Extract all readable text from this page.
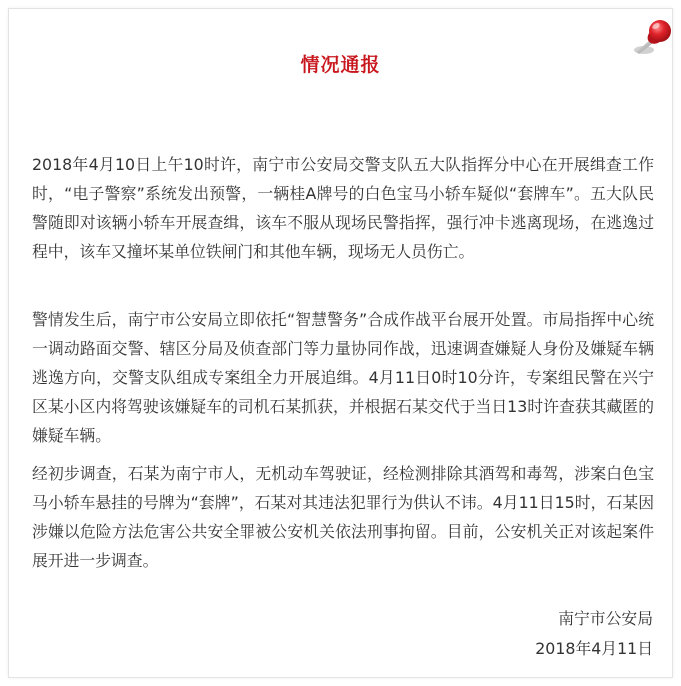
情况通报

2018年4月10日上午10时许，南宁市公安局交警支队五大队指挥分中心在开展缉查工作时，“电子警察”系统发出预警，一辆桂A牌号的白色宝马小轿车疑似“套牌车”。五大队民警随即对该辆小轿车开展查缉，该车不服从现场民警指挥，强行冲卡逃离现场，在逃逸过程中，该车又撞坏某单位铁闸门和其他车辆，现场无人员伤亡。

警情发生后，南宁市公安局立即依托“智慧警务”合成作战平台展开处置。市局指挥中心统一调动路面交警、辖区分局及侦查部门等力量协同作战，迅速调查嫌疑人身份及嫌疑车辆逃逸方向，交警支队组成专案组全力开展追缉。4月11日0时10分许，专案组民警在兴宁区某小区内将驾驶该嫌疑车的司机石某抓获，并根据石某交代于当日13时许查获其藏匿的嫌疑车辆。

经初步调查，石某为南宁市人，无机动车驾驶证，经检测排除其酒驾和毒驾，涉案白色宝马小轿车悬挂的号牌为“套牌”，石某对其违法犯罪行为供认不讳。4月11日15时，石某因涉嫌以危险方法危害公共安全罪被公安机关依法刑事拘留。目前，公安机关正对该起案件展开进一步调查。

南宁市公安局
2018年4月11日
